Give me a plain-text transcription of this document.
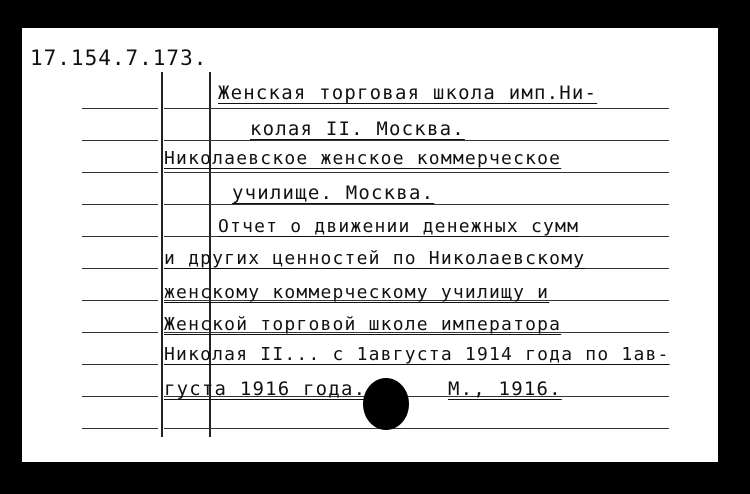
17.154.7.173.
Женская торговая школа имп.Ни-
колая II. Москва.
Николаевское женское коммерческое
училище. Москва.
Отчет о движении денежных сумм
и других ценностей по Николаевскому
женскому коммерческому училищу и
Женской торговой школе императора
Николая II... с 1августа 1914 года по 1ав-
густа 1916 года.	М., 1916.
